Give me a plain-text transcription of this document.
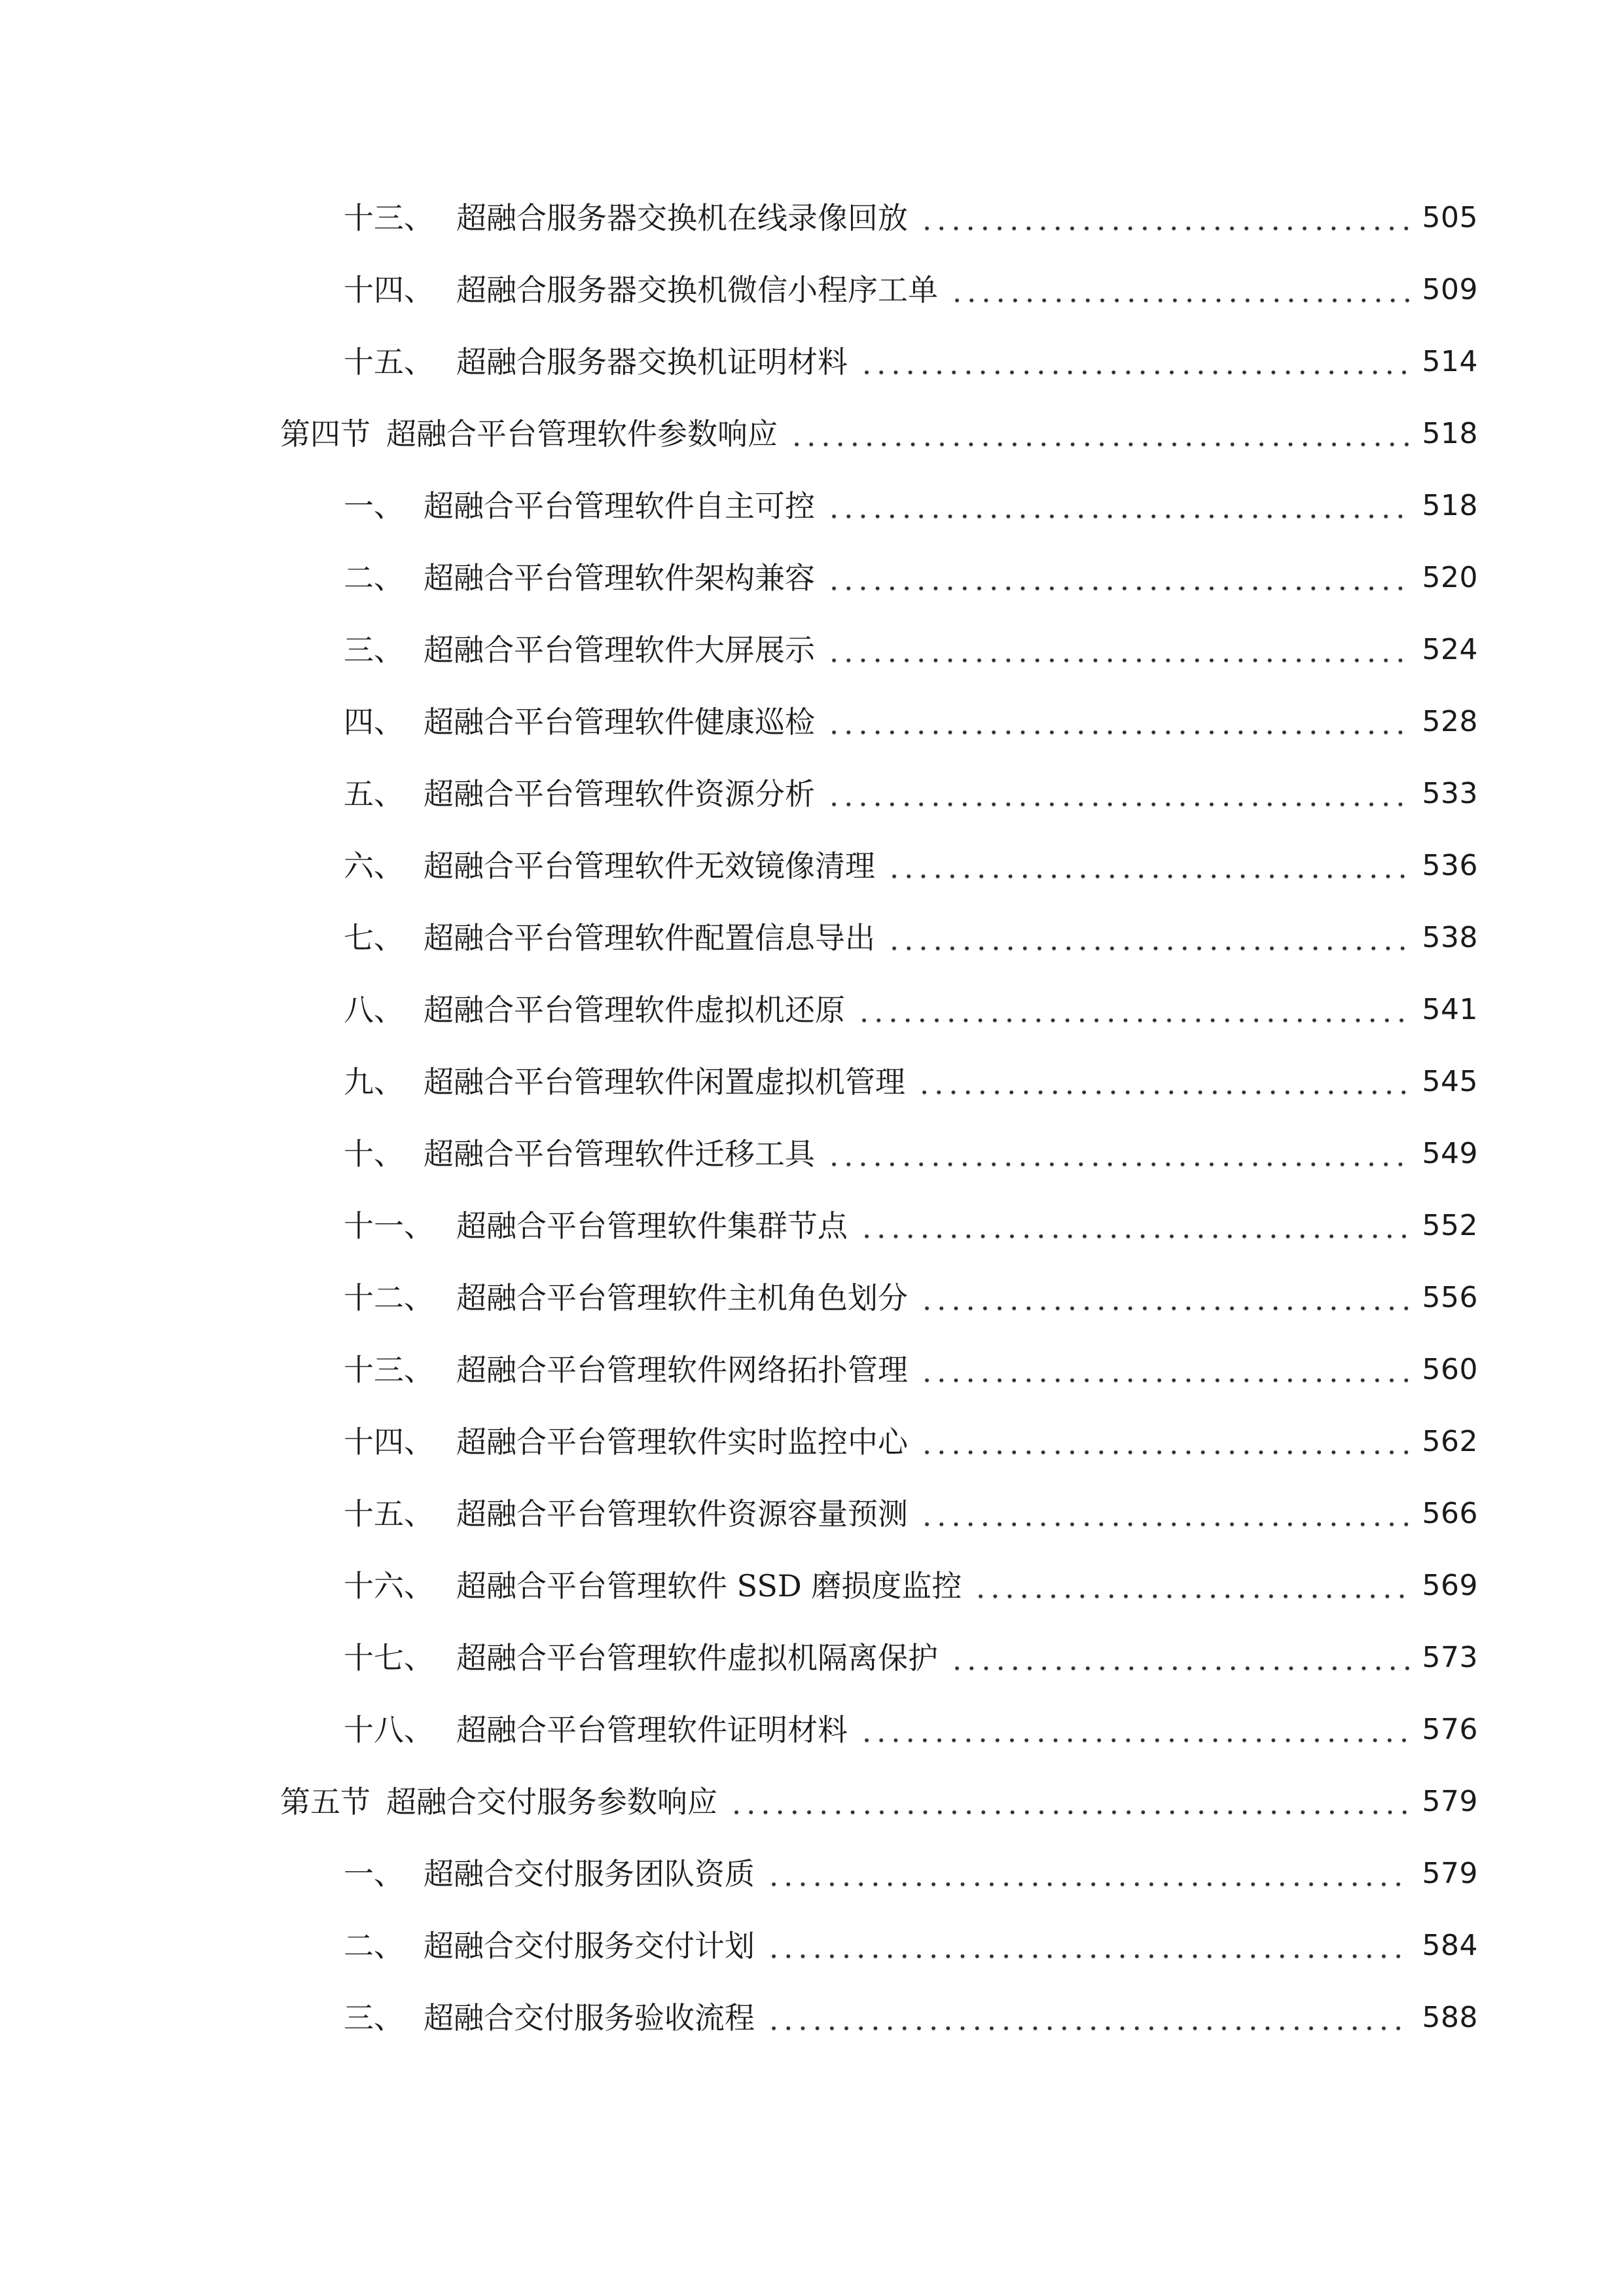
十三、 超融合服务器交换机在线录像回放	505
十四、 超融合服务器交换机微信小程序工单	509
十五、 超融合服务器交换机证明材料	514
第四节 超融合平台管理软件参数响应	518
一、 超融合平台管理软件自主可控	518
二、 超融合平台管理软件架构兼容	520
三、 超融合平台管理软件大屏展示	524
四、 超融合平台管理软件健康巡检	528
五、 超融合平台管理软件资源分析	533
六、 超融合平台管理软件无效镜像清理	536
七、 超融合平台管理软件配置信息导出	538
八、 超融合平台管理软件虚拟机还原	541
九、 超融合平台管理软件闲置虚拟机管理	545
十、 超融合平台管理软件迁移工具	549
十一、 超融合平台管理软件集群节点	552
十二、 超融合平台管理软件主机角色划分	556
十三、 超融合平台管理软件网络拓扑管理	560
十四、 超融合平台管理软件实时监控中心	562
十五、 超融合平台管理软件资源容量预测	566
十六、 超融合平台管理软件 SSD 磨损度监控	569
十七、 超融合平台管理软件虚拟机隔离保护	573
十八、 超融合平台管理软件证明材料	576
第五节 超融合交付服务参数响应	579
一、 超融合交付服务团队资质	579
二、 超融合交付服务交付计划	584
三、 超融合交付服务验收流程	588
